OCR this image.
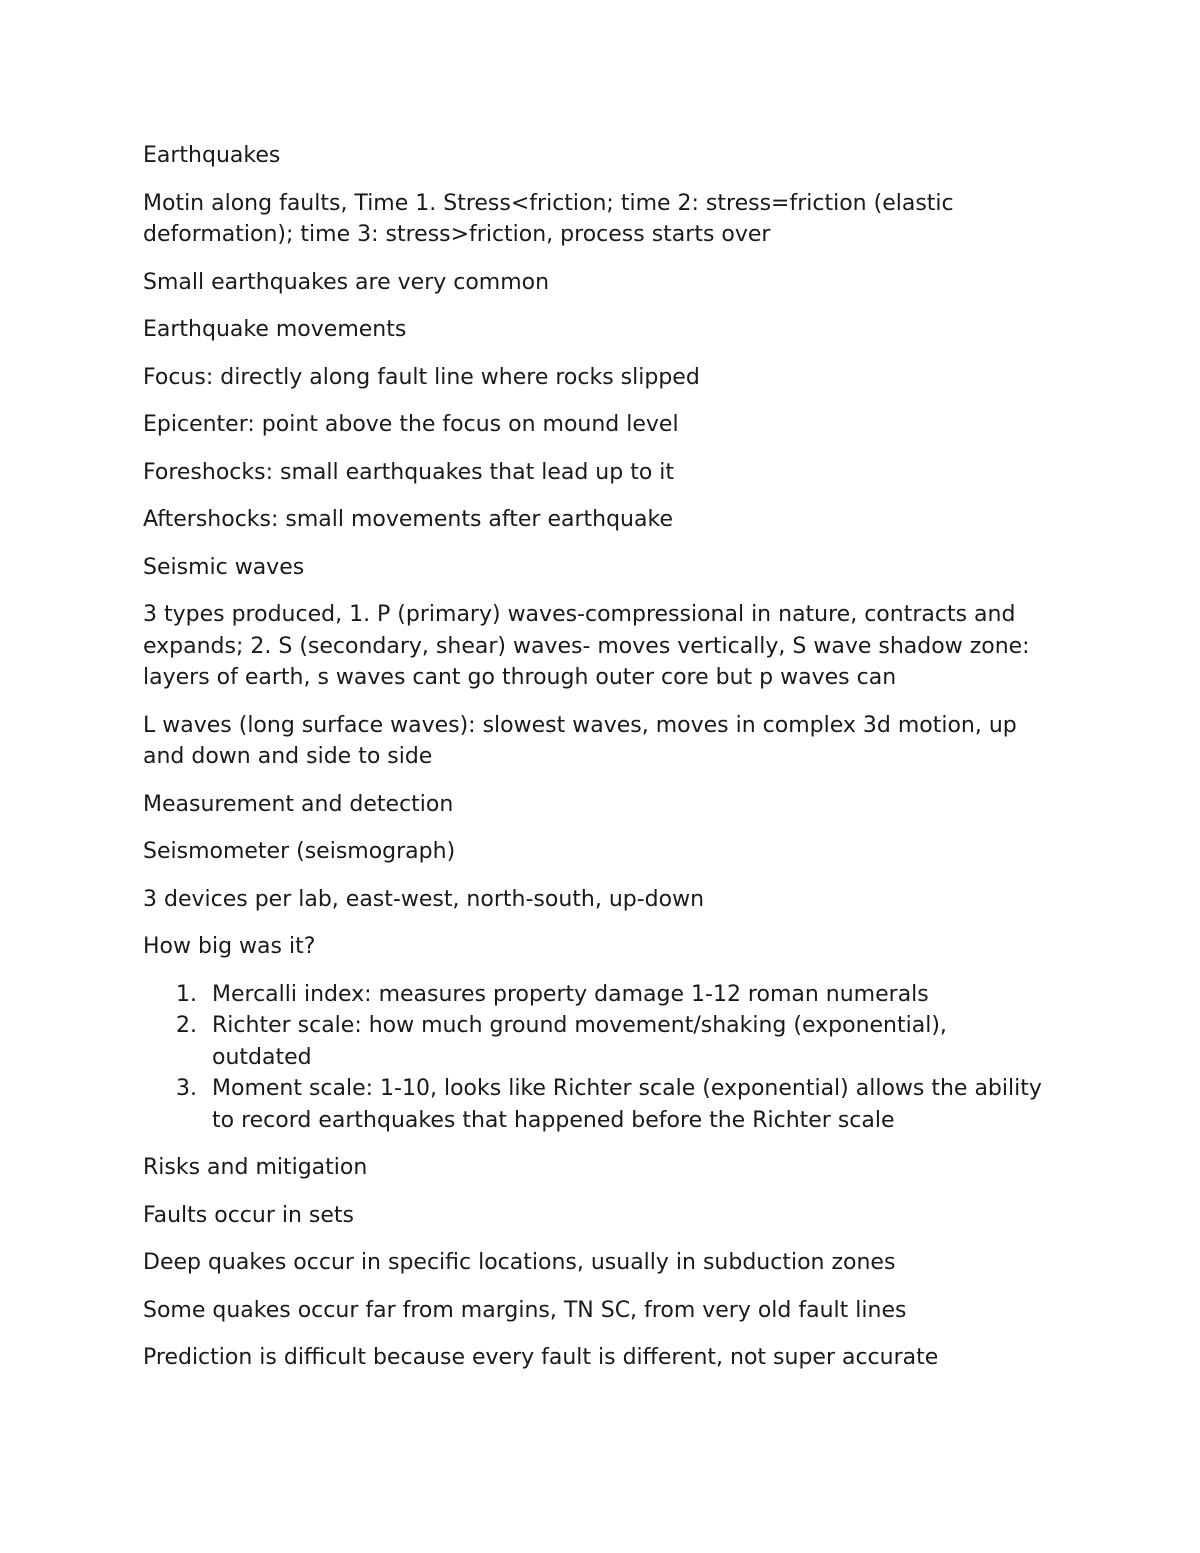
Earthquakes

Motin along faults, Time 1. Stress<friction; time 2: stress=friction (elastic deformation); time 3: stress>friction, process starts over

Small earthquakes are very common

Earthquake movements

Focus: directly along fault line where rocks slipped

Epicenter: point above the focus on mound level

Foreshocks: small earthquakes that lead up to it

Aftershocks: small movements after earthquake

Seismic waves

3 types produced, 1. P (primary) waves-compressional in nature, contracts and expands; 2. S (secondary, shear) waves- moves vertically, S wave shadow zone: layers of earth, s waves cant go through outer core but p waves can

L waves (long surface waves): slowest waves, moves in complex 3d motion, up and down and side to side

Measurement and detection

Seismometer (seismograph)

3 devices per lab, east-west, north-south, up-down

How big was it?

1. Mercalli index: measures property damage 1-12 roman numerals
2. Richter scale: how much ground movement/shaking (exponential), outdated
3. Moment scale: 1-10, looks like Richter scale (exponential) allows the ability to record earthquakes that happened before the Richter scale

Risks and mitigation

Faults occur in sets

Deep quakes occur in specific locations, usually in subduction zones

Some quakes occur far from margins, TN SC, from very old fault lines

Prediction is difficult because every fault is different, not super accurate
